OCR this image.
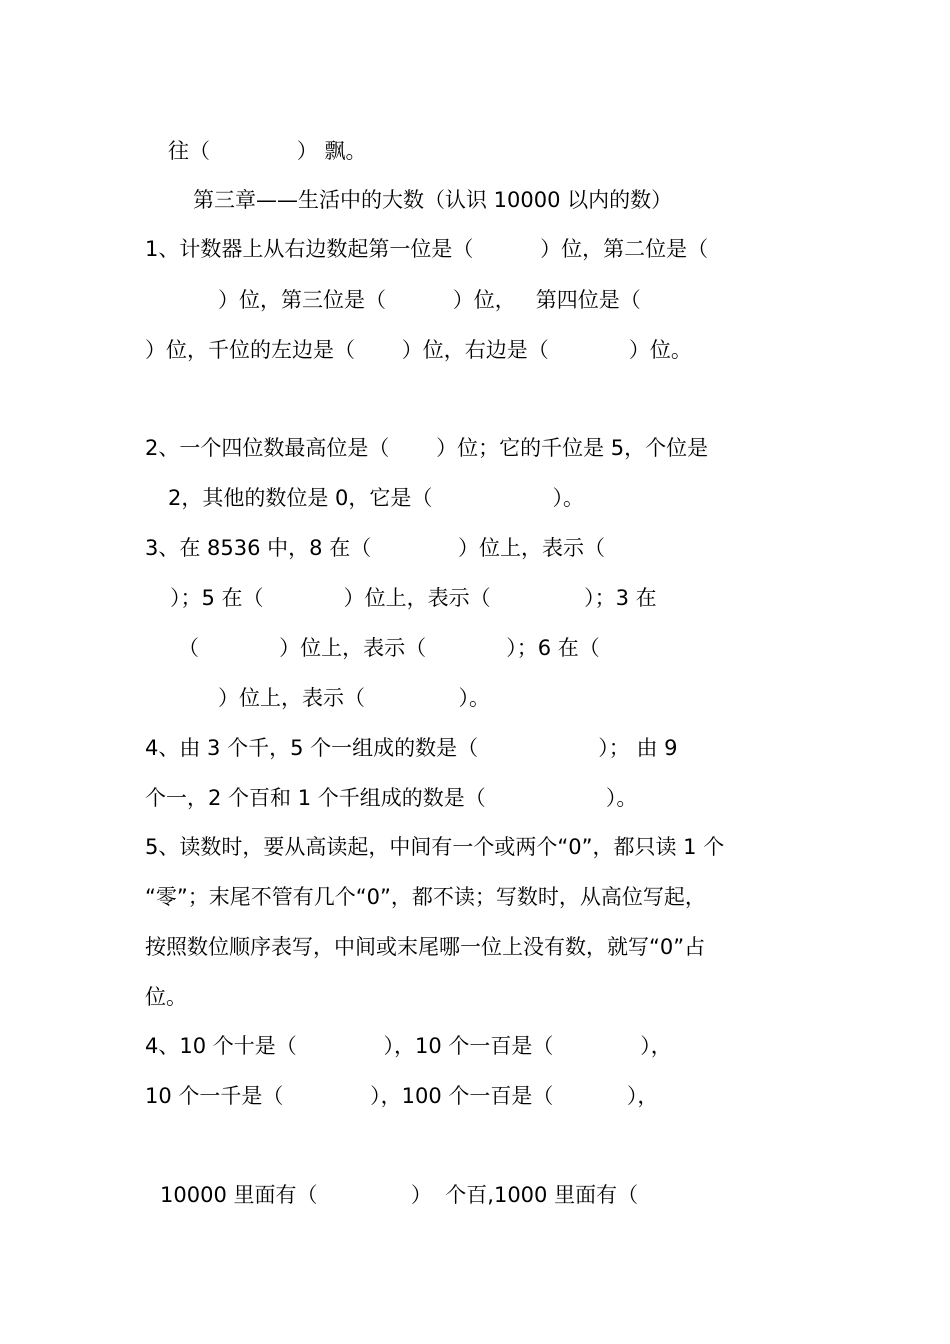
往（             ） 飘。
第三章——生活中的大数（认识 10000 以内的数）
1、计数器上从右边数起第一位是（          ）位，第二位是（
）位，第三位是（          ）位，   第四位是（
）位，千位的左边是（       ）位，右边是（            ）位。
2、一个四位数最高位是（       ）位；它的千位是 5，个位是
2，其他的数位是 0，它是（                  ）。
3、在 8536 中，8 在（             ）位上，表示（
）；5 在（            ）位上，表示（              ）；3 在
（            ）位上，表示（            ）；6 在（
）位上，表示（              ）。
4、由 3 个千，5 个一组成的数是（                  ）； 由 9
个一，2 个百和 1 个千组成的数是（                  ）。
5、读数时，要从高读起，中间有一个或两个“0”，都只读 1 个
“零”；末尾不管有几个“0”，都不读；写数时，从高位写起，
按照数位顺序表写，中间或末尾哪一位上没有数，就写“0”占
位。
4、10 个十是（             ），10 个一百是（             ），
10 个一千是（             ），100 个一百是（           ），
10000 里面有（              ）  个百,1000 里面有（
